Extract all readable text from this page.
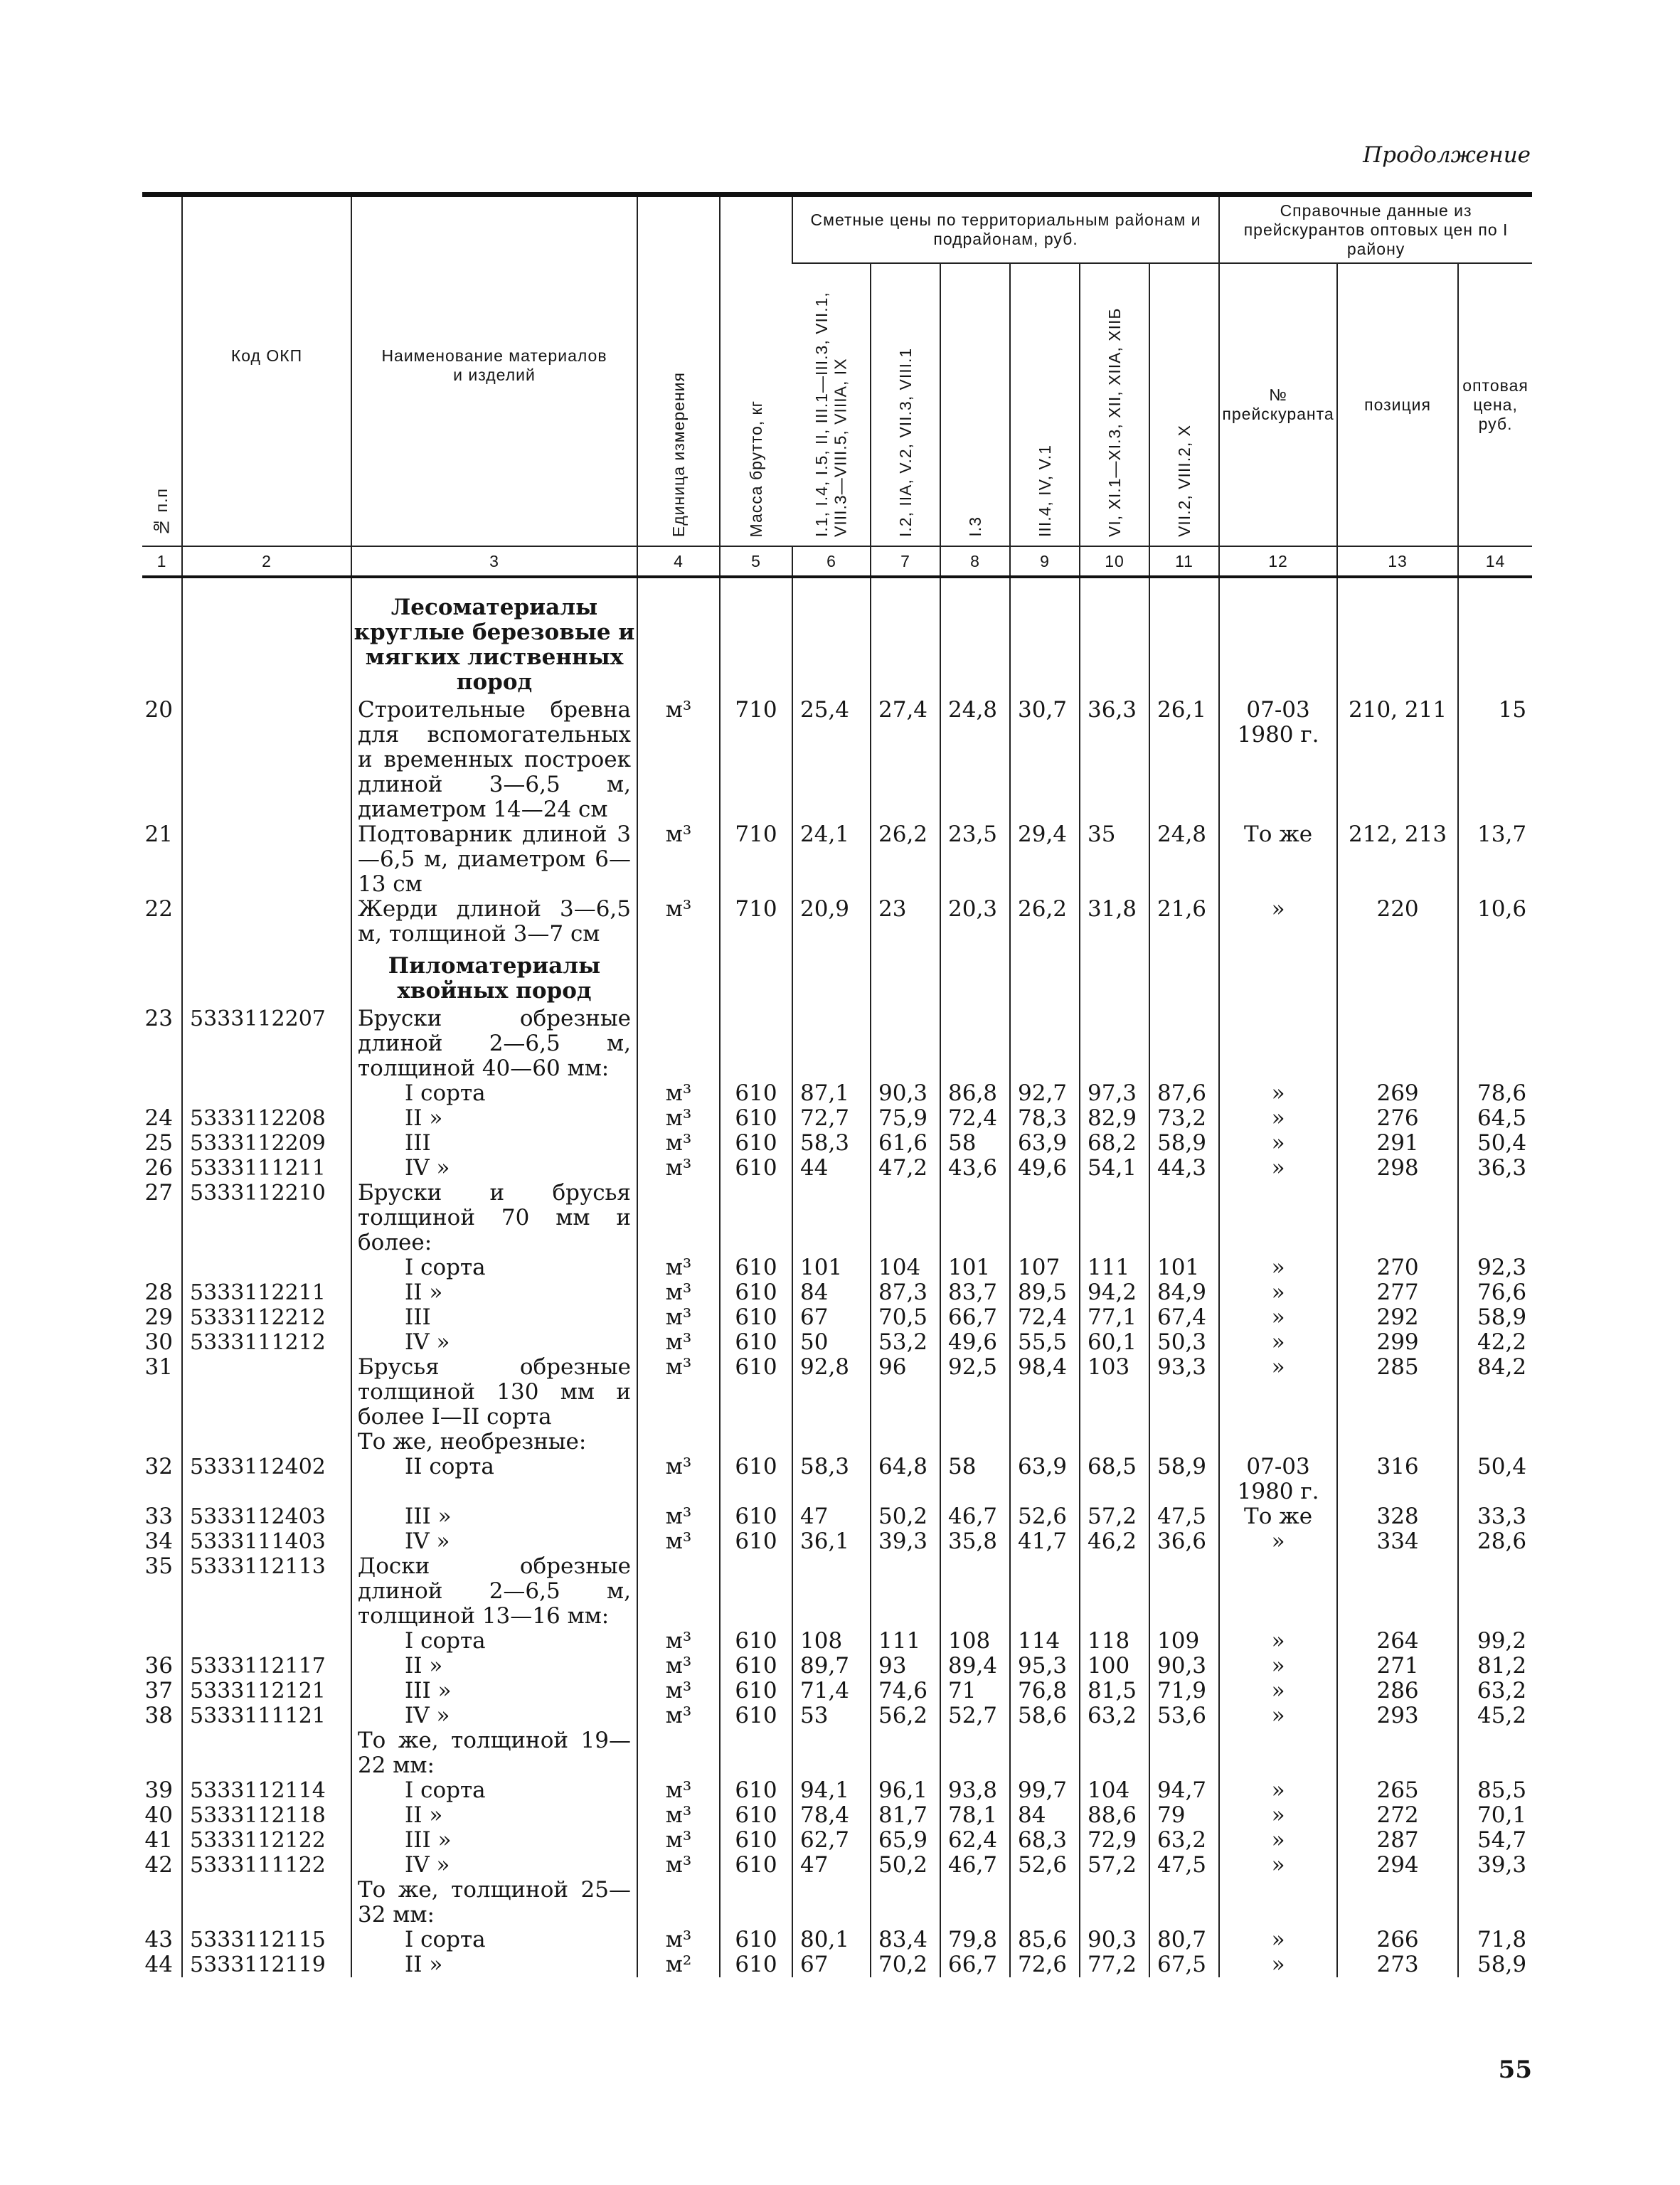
Продолжение
№ п.п	Код ОКП	Наименование материалов и изделий	Единица измерения	Масса брутто, кг	Сметные цены по территориальным районам и подрайонам, руб.						Справочные данные из прейскурантов оптовых цен по I району		
					I.1, I.4, I.5, II, III.1—III.3, VII.1, VIII.3—VIII.5, VIIIA, IX	I.2, IIA, V.2, VII.3, VIII.1	I.3	III.4, IV, V.1	VI, XI.1—XI.3, XII, XIIA, XIIБ	VII.2, VIII.2, X	№ прейскуранта	позиция	оптовая цена, руб.
1	2	3	4	5	6	7	8	9	10	11	12	13	14

		Лесоматериалы круглые березовые и мягких лиственных пород											
20		Строительные бревна для вспомогательных и временных построек длиной 3—6,5 м, диаметром 14—24 см	м³	710	25,4	27,4	24,8	30,7	36,3	26,1	07-03 1980 г.	210, 211	15
21		Подтоварник длиной 3—6,5 м, диаметром 6—13 см	м³	710	24,1	26,2	23,5	29,4	35	24,8	То же	212, 213	13,7
22		Жерди длиной 3—6,5 м, толщиной 3—7 см	м³	710	20,9	23	20,3	26,2	31,8	21,6	»	220	10,6
		Пиломатериалы хвойных пород											
23	5333112207	Бруски обрезные длиной 2—6,5 м, толщиной 40—60 мм:											
		I сорта	м³	610	87,1	90,3	86,8	92,7	97,3	87,6	»	269	78,6
24	5333112208	II »	м³	610	72,7	75,9	72,4	78,3	82,9	73,2	»	276	64,5
25	5333112209	III	м³	610	58,3	61,6	58	63,9	68,2	58,9	»	291	50,4
26	5333111211	IV »	м³	610	44	47,2	43,6	49,6	54,1	44,3	»	298	36,3
27	5333112210	Бруски и брусья толщиной 70 мм и более:											
		I сорта	м³	610	101	104	101	107	111	101	»	270	92,3
28	5333112211	II »	м³	610	84	87,3	83,7	89,5	94,2	84,9	»	277	76,6
29	5333112212	III	м³	610	67	70,5	66,7	72,4	77,1	67,4	»	292	58,9
30	5333111212	IV »	м³	610	50	53,2	49,6	55,5	60,1	50,3	»	299	42,2
31		Брусья обрезные толщиной 130 мм и более I—II сорта	м³	610	92,8	96	92,5	98,4	103	93,3	»	285	84,2
		То же, необрезные:											
32	5333112402	II сорта	м³	610	58,3	64,8	58	63,9	68,5	58,9	07-03 1980 г.	316	50,4
33	5333112403	III »	м³	610	47	50,2	46,7	52,6	57,2	47,5	То же	328	33,3
34	5333111403	IV »	м³	610	36,1	39,3	35,8	41,7	46,2	36,6	»	334	28,6
35	5333112113	Доски обрезные длиной 2—6,5 м, толщиной 13—16 мм:											
		I сорта	м³	610	108	111	108	114	118	109	»	264	99,2
36	5333112117	II »	м³	610	89,7	93	89,4	95,3	100	90,3	»	271	81,2
37	5333112121	III »	м³	610	71,4	74,6	71	76,8	81,5	71,9	»	286	63,2
38	5333111121	IV »	м³	610	53	56,2	52,7	58,6	63,2	53,6	»	293	45,2
		То же, толщиной 19—22 мм:											
39	5333112114	I сорта	м³	610	94,1	96,1	93,8	99,7	104	94,7	»	265	85,5
40	5333112118	II »	м³	610	78,4	81,7	78,1	84	88,6	79	»	272	70,1
41	5333112122	III »	м³	610	62,7	65,9	62,4	68,3	72,9	63,2	»	287	54,7
42	5333111122	IV »	м³	610	47	50,2	46,7	52,6	57,2	47,5	»	294	39,3
		То же, толщиной 25—32 мм:											
43	5333112115	I сорта	м³	610	80,1	83,4	79,8	85,6	90,3	80,7	»	266	71,8
44	5333112119	II »	м²	610	67	70,2	66,7	72,6	77,2	67,5	»	273	58,9
55
